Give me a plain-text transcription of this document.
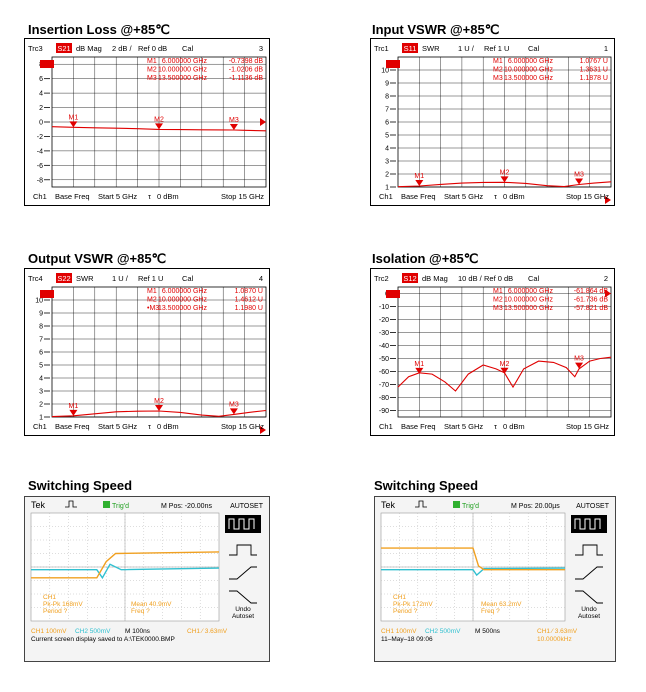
Insertion Loss @+85℃	Input VSWR @+85℃
Output VSWR @+85℃	Isolation @+85℃
Switching Speed	Switching Speed
Trc3 S21 dB Mag 2 dB / Ref 0 dB Cal	3
6
4
2
0
-2
-4
-6
-8
M1
M1 6.000000 GHz	-0.7398 dB
M2
M2 10.000000 GHz	-1.0206 dB
M3
M3 13.500000 GHz	-1.1136 dB
Ch1 Base Freq Start 5 GHz τ 0 dBm	Stop 15 GHz
Trc1 S11 SWR 1 U / Ref 1 U Cal	1
10
9
8
7
6
5
4
3
2
1
M1
M1 6.000000 GHz	1.0767 U
M2
M2 10.000000 GHz	1.3631 U
M3
M3 13.500000 GHz	1.1878 U
Ch1 Base Freq Start 5 GHz τ 0 dBm	Stop 15 GHz
Trc4 S22 SWR 1 U / Ref 1 U Cal	4
10
9
8
7
6
5
4
3
2
1
M1
M1 6.000000 GHz	1.0870 U
M2
M2 10.000000 GHz	1.4612 U
M3
•M3
13.500000 GHz	1.1980 U
Ch1 Base Freq Start 5 GHz τ 0 dBm	Stop 15 GHz
Trc2 S12 dB Mag 10 dB / Ref 0 dB Cal	2
-10
-20
-30
-40
-50
-60
-70
-80
-90
M1
M1 6.000000 GHz	-61.864 dB
M2
M2 10.000000 GHz	-61.736 dB
M3
M3 13.500000 GHz	-57.821 dB
Ch1 Base Freq Start 5 GHz τ 0 dBm	Stop 15 GHz
Tek	Trig'd	M Pos: -20.00ns	AUTOSET
CH1
Pk-Pk 168mV
Period ?
Mean 40.9mV
Freq ?	Undo
Autoset
CH1 100mV CH2 500mV M 100ns	CH1 ∕ 3.63mV
Current screen display saved to A:\TEK0000.BMP
Tek	Trig'd	M Pos: 20.00µs AUTOSET
CH1
Pk-Pk 172mV
Period ?
Mean 63.2mV
Freq ?	Undo
Autoset
CH1 100mV CH2 500mV M 500ns	CH1 ∕ 3.63mV
11–May–18 09:06	10.0000kHz
